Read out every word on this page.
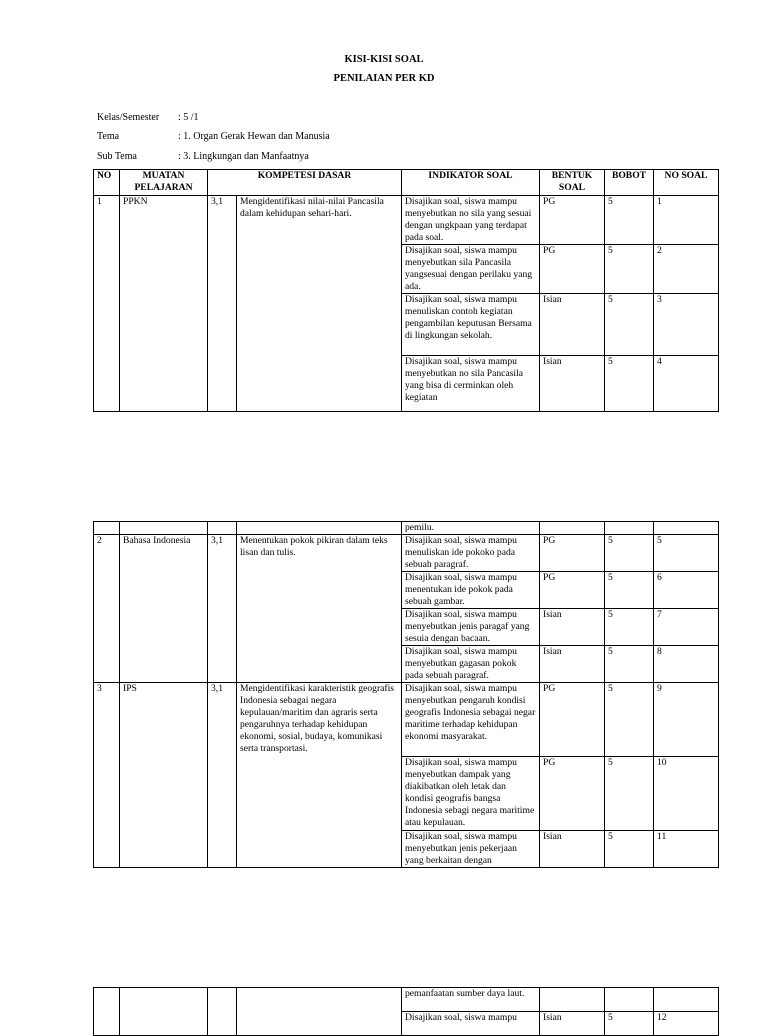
KISI-KISI SOAL
PENILAIAN PER KD
Kelas/Semester : 5 /1
Tema	: 1. Organ Gerak Hewan dan Manusia
Sub Tema	: 3. Lingkungan dan Manfaatnya
NO	MUATAN PELAJARAN	KOMPETESI DASAR		INDIKATOR SOAL	BENTUK SOAL	BOBOT	NO SOAL
1	PPKN	3,1	Mengidentifikasi nilai-nilai Pancasila dalam kehidupan sehari-hari.	Disajikan soal, siswa mampu menyebutkan no sila yang sesuai dengan ungkpaan yang terdapat pada soal.	PG	5	1
				Disajikan soal, siswa mampu menyebutkan sila Pancasila yangsesuai dengan perilaku yang ada.	PG	5	2
				Disajikan soal, siswa mampu menuliskan contoh kegiatan pengambilan keputusan Bersama di lingkungan sekolah.	Isian	5	3
				Disajikan soal, siswa mampu menyebutkan no sila Pancasila yang bisa di cerminkan oleh kegiatan	Isian	5	4
				pemilu.			
2	Bahasa Indonesia	3,1	Menentukan pokok pikiran dalam teks lisan dan tulis.	Disajikan soal, siswa mampu menuliskan ide pokoko pada sebuah paragraf.	PG	5	5
				Disajikan soal, siswa mampu menentukan ide pokok pada sebuah gambar.	PG	5	6
				Disajikan soal, siswa mampu menyebutkan jenis paragaf yang sesuia dengan bacaan.	Isian	5	7
				Disajikan soal, siswa mampu menyebutkan gagasan pokok pada sebuah paragraf.	Isian	5	8
3	IPS	3,1	Mengidentifikasi karakteristik geografis Indonesia sebagai negara kepulauan/maritim dan agraris serta pengaruhnya terhadap kehidupan ekonomi, sosial, budaya, komunikasi serta transportasi.	Disajikan soal, siswa mampu menyebutkan pengaruh kondisi geografis Indonesia sebagai negar maritime terhadap kehidupan ekonomi masyarakat.	PG	5	9
				Disajikan soal, siswa mampu menyebutkan dampak yang diakibatkan oleh letak dan kondisi geografis bangsa Indonesia sebagi negara maritime atau kepulauan.	PG	5	10
				Disajikan soal, siswa mampu menyebutkan jenis pekerjaan yang berkaitan dengan	Isian	5	11
				pemanfaatan sumber daya laut.			
				Disajikan soal, siswa mampu	Isian	5	12
